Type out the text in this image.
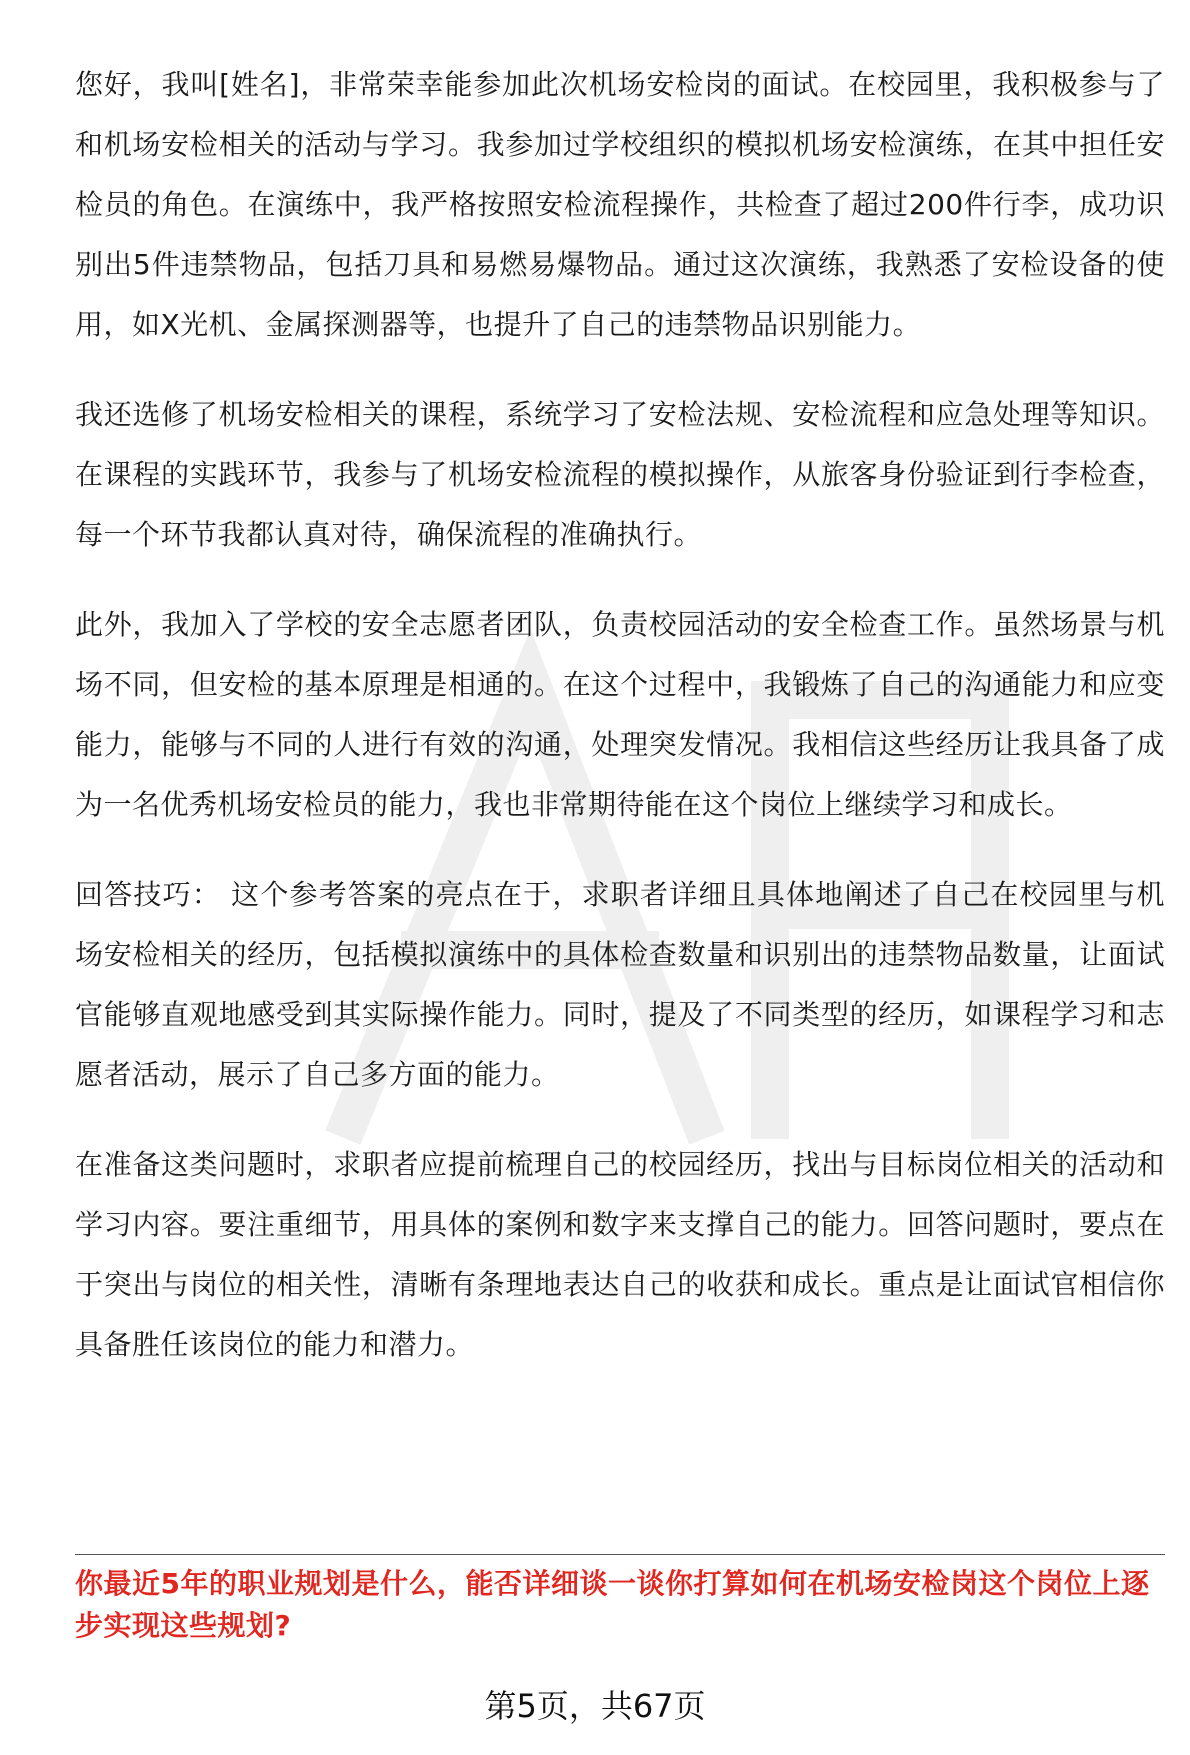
您好，我叫[姓名]，非常荣幸能参加此次机场安检岗的面试。在校园里，我积极参与了和机场安检相关的活动与学习。我参加过学校组织的模拟机场安检演练，在其中担任安检员的角色。在演练中，我严格按照安检流程操作，共检查了超过200件行李，成功识别出5件违禁物品，包括刀具和易燃易爆物品。通过这次演练，我熟悉了安检设备的使用，如X光机、金属探测器等，也提升了自己的违禁物品识别能力。

我还选修了机场安检相关的课程，系统学习了安检法规、安检流程和应急处理等知识。在课程的实践环节，我参与了机场安检流程的模拟操作，从旅客身份验证到行李检查，每一个环节我都认真对待，确保流程的准确执行。

此外，我加入了学校的安全志愿者团队，负责校园活动的安全检查工作。虽然场景与机场不同，但安检的基本原理是相通的。在这个过程中，我锻炼了自己的沟通能力和应变能力，能够与不同的人进行有效的沟通，处理突发情况。我相信这些经历让我具备了成为一名优秀机场安检员的能力，我也非常期待能在这个岗位上继续学习和成长。

回答技巧： 这个参考答案的亮点在于，求职者详细且具体地阐述了自己在校园里与机场安检相关的经历，包括模拟演练中的具体检查数量和识别出的违禁物品数量，让面试官能够直观地感受到其实际操作能力。同时，提及了不同类型的经历，如课程学习和志愿者活动，展示了自己多方面的能力。

在准备这类问题时，求职者应提前梳理自己的校园经历，找出与目标岗位相关的活动和学习内容。要注重细节，用具体的案例和数字来支撑自己的能力。回答问题时，要点在于突出与岗位的相关性，清晰有条理地表达自己的收获和成长。重点是让面试官相信你具备胜任该岗位的能力和潜力。

你最近5年的职业规划是什么，能否详细谈一谈你打算如何在机场安检岗这个岗位上逐步实现这些规划?

第5页，共67页
